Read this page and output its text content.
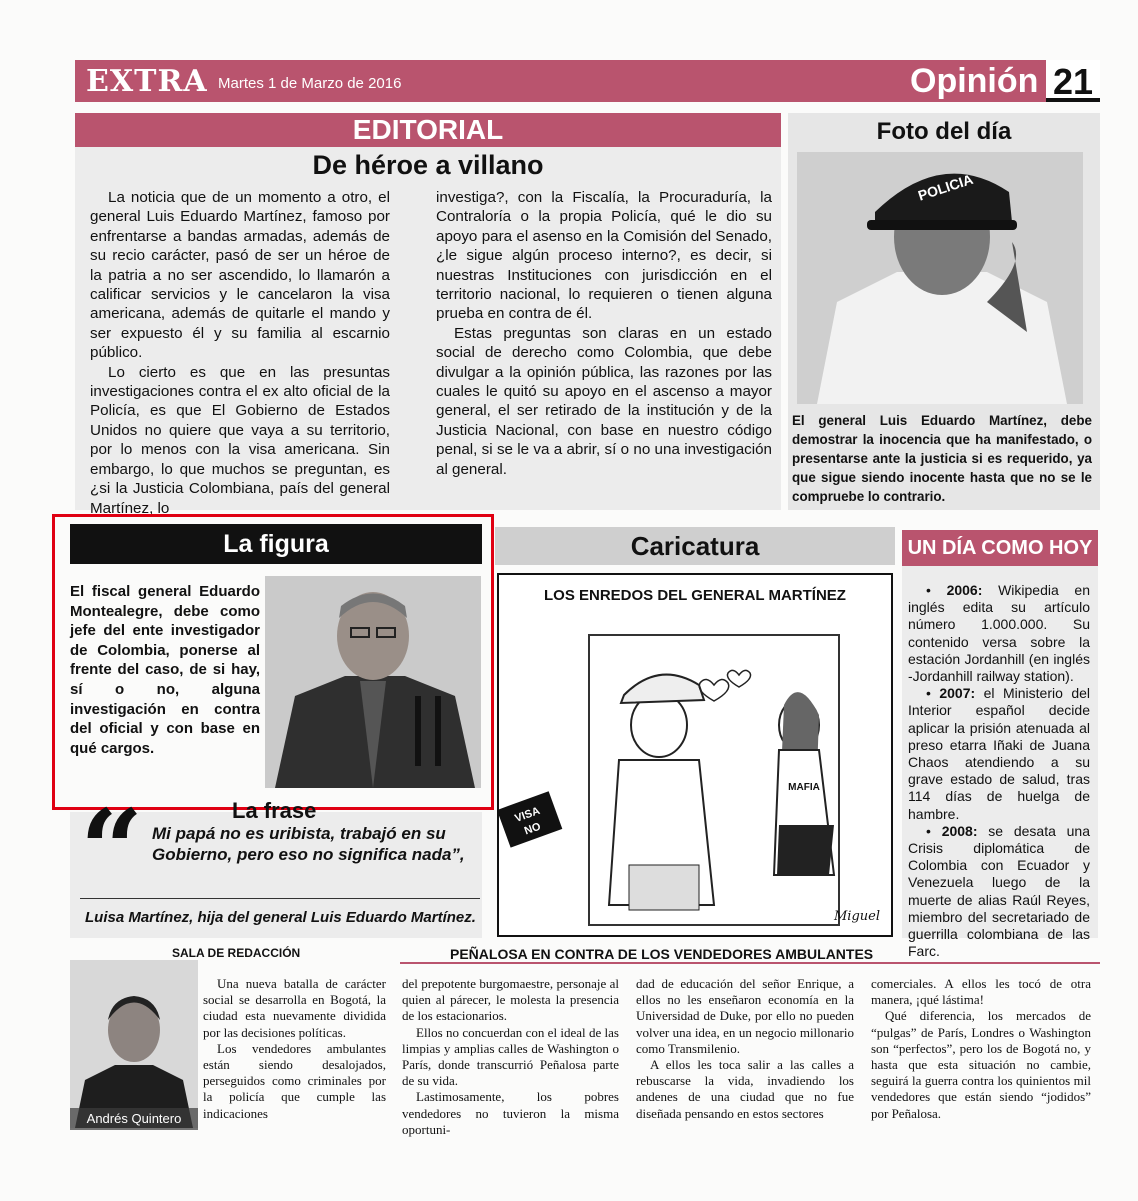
EXTRA Martes 1 de Marzo de 2016	Opinión 21
EDITORIAL
De héroe a villano

La noticia que de un momento a otro, el general Luis Eduardo Martínez, famoso por enfrentarse a bandas armadas, además de su recio carácter, pasó de ser un héroe de la patria a no ser ascendido, lo llamarón a calificar servicios y le cancelaron la visa americana, además de quitarle el mando y ser expuesto él y su familia al escarnio público.

Lo cierto es que en las presuntas investigaciones contra el ex alto oficial de la Policía, es que El Gobierno de Estados Unidos no quiere que vaya a su territorio, por lo menos con la visa americana. Sin embargo, lo que muchos se preguntan, es ¿si la Justicia Colombiana, país del general Martínez, lo

investiga?, con la Fiscalía, la Procuraduría, la Contraloría o la propia Policía, qué le dio su apoyo para el asenso en la Comisión del Senado, ¿le sigue algún proceso interno?, es decir, si nuestras Instituciones con jurisdicción en el territorio nacional, lo requieren o tienen alguna prueba en contra de él.

Estas preguntas son claras en un estado social de derecho como Colombia, que debe divulgar a la opinión pública, las razones por las cuales le quitó su apoyo en el ascenso a mayor general, el ser retirado de la institución y de la Justicia Nacional, con base en nuestro código penal, si se le va a abrir, sí o no una investigación al general.

Foto del día
POLICIA
El general Luis Eduardo Martínez, debe demostrar la inocencia que ha manifestado, o presentarse ante la justicia si es requerido, ya que sigue siendo inocente hasta que no se le compruebe lo contrario.
La figura
El fiscal general Eduardo Montealegre, debe como jefe del ente investigador de Colombia, ponerse al frente del caso, de si hay, sí o no, alguna investigación en contra del oficial y con base en qué cargos.
La frase
“ Mi papá no es uribista, trabajó en su Gobierno, pero eso no significa nada”,
Luisa Martínez, hija del general Luis Eduardo Martínez.
Caricatura
VISA
NO
MAFIA
Miguel
LOS ENREDOS DEL GENERAL MARTÍNEZ
UN DÍA COMO HOY

• 2006: Wikipedia en inglés edita su artículo número 1.000.000. Su contenido versa sobre la estación Jordanhill (en inglés -Jordanhill railway station).

• 2007: el Ministerio del Interior español decide aplicar la prisión atenuada al preso etarra Iñaki de Juana Chaos atendiendo a su grave estado de salud, tras 114 días de huelga de hambre.

• 2008: se desata una Crisis diplomática de Colombia con Ecuador y Venezuela luego de la muerte de alias Raúl Reyes, miembro del secretariado de guerrilla colombiana de las Farc.

SALA DE REDACCIÓN	PEÑALOSA EN CONTRA DE LOS VENDEDORES AMBULANTES
Andrés Quintero

Una nueva batalla de carácter social se desarrolla en Bogotá, la ciudad esta nuevamente dividida por las decisiones políticas.

Los vendedores ambulantes están siendo desalojados, perseguidos como criminales por la policía que cumple las indicaciones

del prepotente burgomaestre, personaje al quien al párecer, le molesta la presencia de los estacionarios.

Ellos no concuerdan con el ideal de las limpias y amplias calles de Washington o París, donde transcurrió Peñalosa parte de su vida.

Lastimosamente, los pobres vendedores no tuvieron la misma oportuni-

dad de educación del señor Enrique, a ellos no les enseñaron economía en la Universidad de Duke, por ello no pueden volver una idea, en un negocio millonario como Transmilenio.

A ellos les toca salir a las calles a rebuscarse la vida, invadiendo los andenes de una ciudad que no fue diseñada pensando en estos sectores

comerciales. A ellos les tocó de otra manera, ¡qué lástima!

Qué diferencia, los mercados de “pulgas” de París, Londres o Washington son “perfectos”, pero los de Bogotá no, y hasta que esta situación no cambie, seguirá la guerra contra los quinientos mil vendedores que están siendo “jodidos” por Peñalosa.
